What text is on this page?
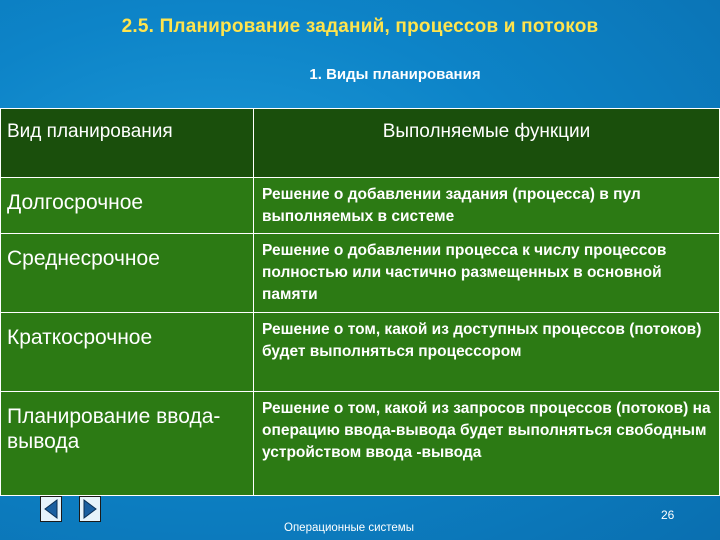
2.5. Планирование заданий, процессов и потоков
1. Виды планирования
Вид планирования	Выполняемые функции
Долгосрочное	Решение о добавлении задания (процесса) в пул выполняемых в системе
Среднесрочное	Решение о добавлении процесса к числу процессов полностью или частично размещенных в основной памяти
Краткосрочное	Решение о том, какой из доступных процессов (потоков) будет выполняться процессором
Планирование ввода-вывода	Решение о том, какой из запросов процессов (потоков) на операцию ввода-вывода будет выполняться свободным устройством ввода -вывода
Операционные системы
26
